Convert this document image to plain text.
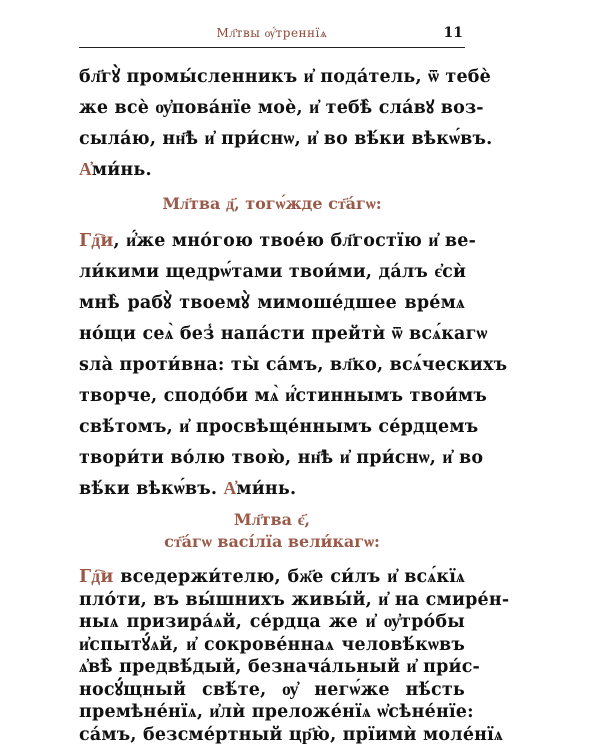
Мл҃твы ѹ҆́треннїѧ	11
бл҃гꙋ̀ промы́сленникъ и҆ пода́тель, ѿ тебѐ
же всѐ ѹ҆пова́нїе моѐ, и҆ тебѣ̀ сла́вꙋ воз-
сыла́ю, нн҃ѣ и҆ при́снѡ, и҆ во вѣ́ки вѣкѡ́въ.
А҆ми́нь.
Мл҃тва д҃, тогѡ́жде ст҃а́гѡ:
Гд҇и, и҆́же мно́гою твое́ю бл҃гостїю и҆ ве-
ли́кими щедрѡ́тами твои́ми, да́лъ є҆сѝ
мнѣ̀ рабꙋ̀ твоемꙋ̀ мимоше́дшее вре́мѧ
но́щи сеѧ̀ без̾ напа́сти прейтѝ ѿ всѧ́кагѡ
ѕла̀ проти́вна: ты̀ са́мъ, вл҃ко, всѧ́ческихъ
творче, сподо́би мѧ̀ и҆́стиннымъ твои́мъ
свѣ́томъ, и҆ просвѣще́ннымъ се́рдцемъ
твори́ти во́лю твою̀, нн҃ѣ и҆ при́снѡ, и҆ во
вѣ́ки вѣкѡ́въ. А҆ми́нь.
Мл҃тва є҃,
ст҃а́гѡ васі́лїа вели́кагѡ:
Гд҇и вседержи́телю, бж҃е си́лъ и҆ всѧ́кїѧ
пло́ти, въ вы́шнихъ живы́й, и҆ на смире́н-
ныѧ призира́ѧй, се́рдца же и҆ ѹ҆тро́бы
и҆спытꙋ́ѧй, и҆ сокрове́ннаѧ человѣ́кѡвъ
ѧ҆вѣ̀ предвѣ́дый, безнача́льный и҆ при́с-
носꙋ́щный свѣ́те, ѹ҆ негѡ́же нѣ́сть
премѣне́нїѧ, и҆лѝ преложе́нїѧ ѡ҆сѣне́нїе:
са́мъ, безсме́ртный цр҃ю̀, прїимѝ моле́нїѧ
